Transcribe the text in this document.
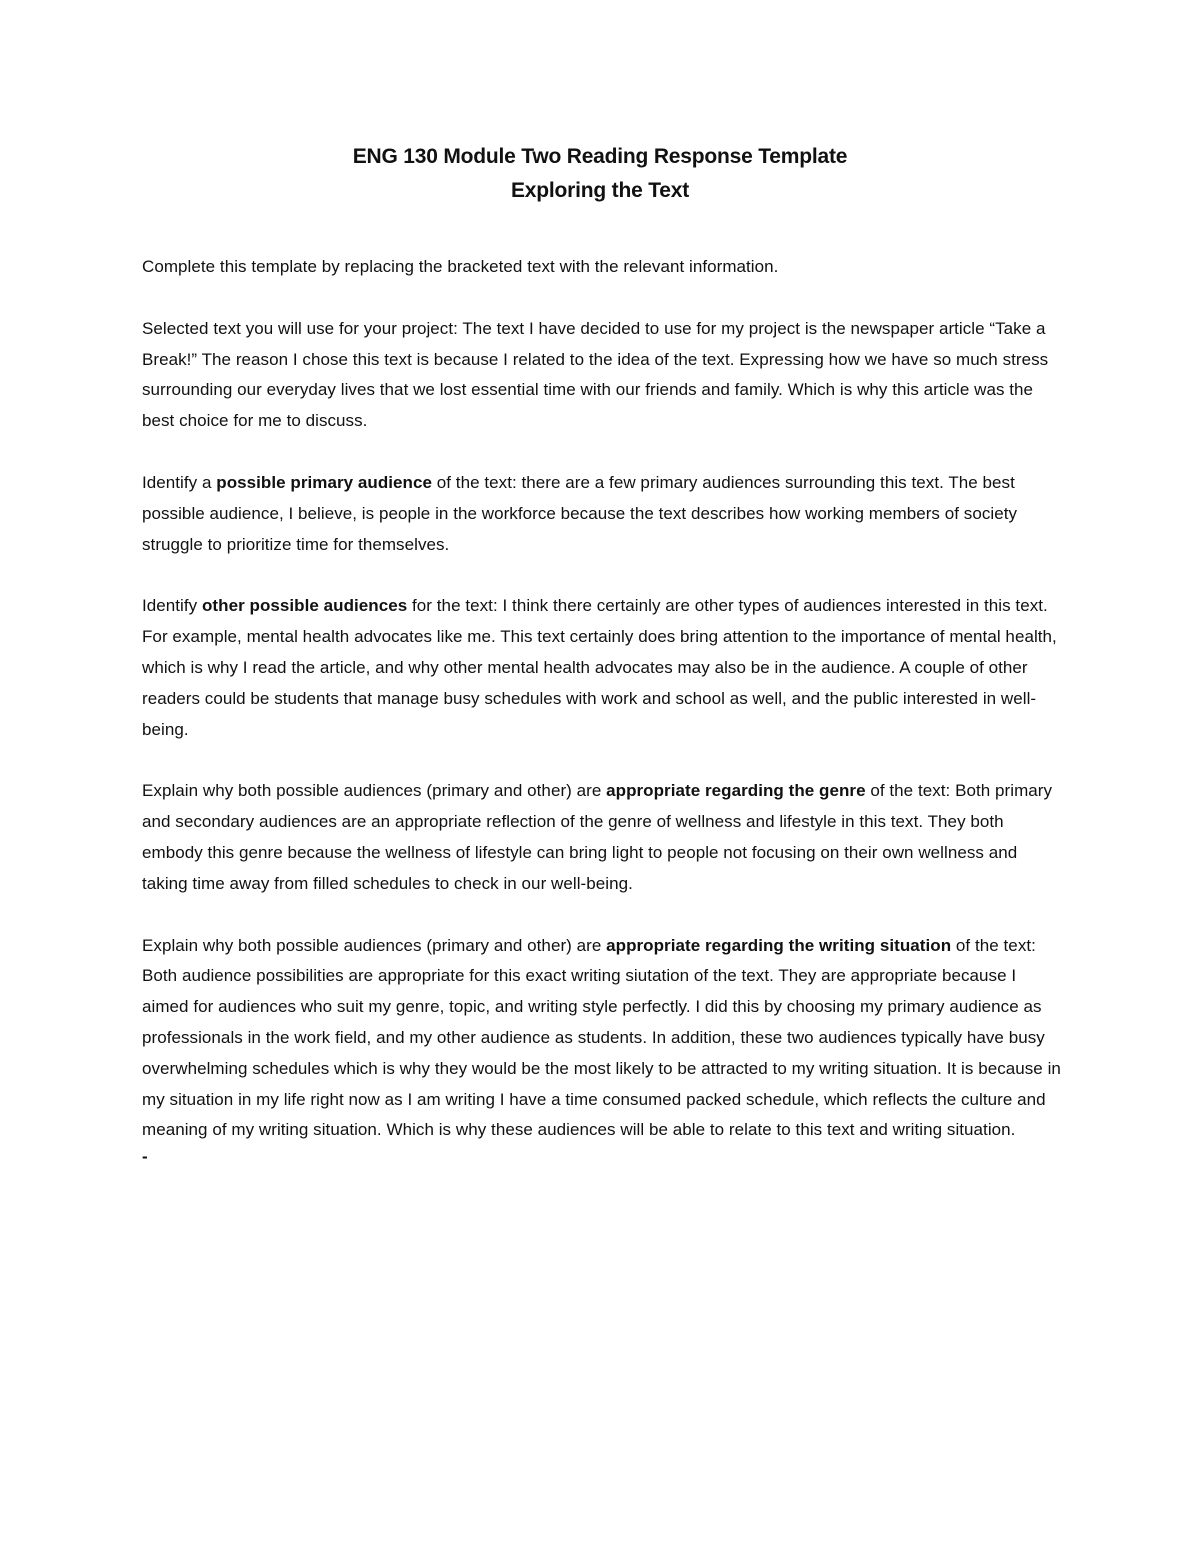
ENG 130 Module Two Reading Response Template
Exploring the Text

Complete this template by replacing the bracketed text with the relevant information.

Selected text you will use for your project: The text I have decided to use for my project is the newspaper article “Take a Break!” The reason I chose this text is because I related to the idea of the text. Expressing how we have so much stress surrounding our everyday lives that we lost essential time with our friends and family. Which is why this article was the best choice for me to discuss.

Identify a possible primary audience of the text: there are a few primary audiences surrounding this text. The best possible audience, I believe, is people in the workforce because the text describes how working members of society struggle to prioritize time for themselves.

Identify other possible audiences for the text: I think there certainly are other types of audiences interested in this text. For example, mental health advocates like me. This text certainly does bring attention to the importance of mental health, which is why I read the article, and why other mental health advocates may also be in the audience. A couple of other readers could be students that manage busy schedules with work and school as well, and the public interested in well-being.

Explain why both possible audiences (primary and other) are appropriate regarding the genre of the text: Both primary and secondary audiences are an appropriate reflection of the genre of wellness and lifestyle in this text. They both embody this genre because the wellness of lifestyle can bring light to people not focusing on their own wellness and taking time away from filled schedules to check in our well-being.

Explain why both possible audiences (primary and other) are appropriate regarding the writing situation of the text: Both audience possibilities are appropriate for this exact writing siutation of the text. They are appropriate because I aimed for audiences who suit my genre, topic, and writing style perfectly. I did this by choosing my primary audience as professionals in the work field, and my other audience as students. In addition, these two audiences typically have busy overwhelming schedules which is why they would be the most likely to be attracted to my writing situation. It is because in my situation in my life right now as I am writing I have a time consumed packed schedule, which reflects the culture and meaning of my writing situation. Which is why these audiences will be able to relate to this text and writing situation.

-
